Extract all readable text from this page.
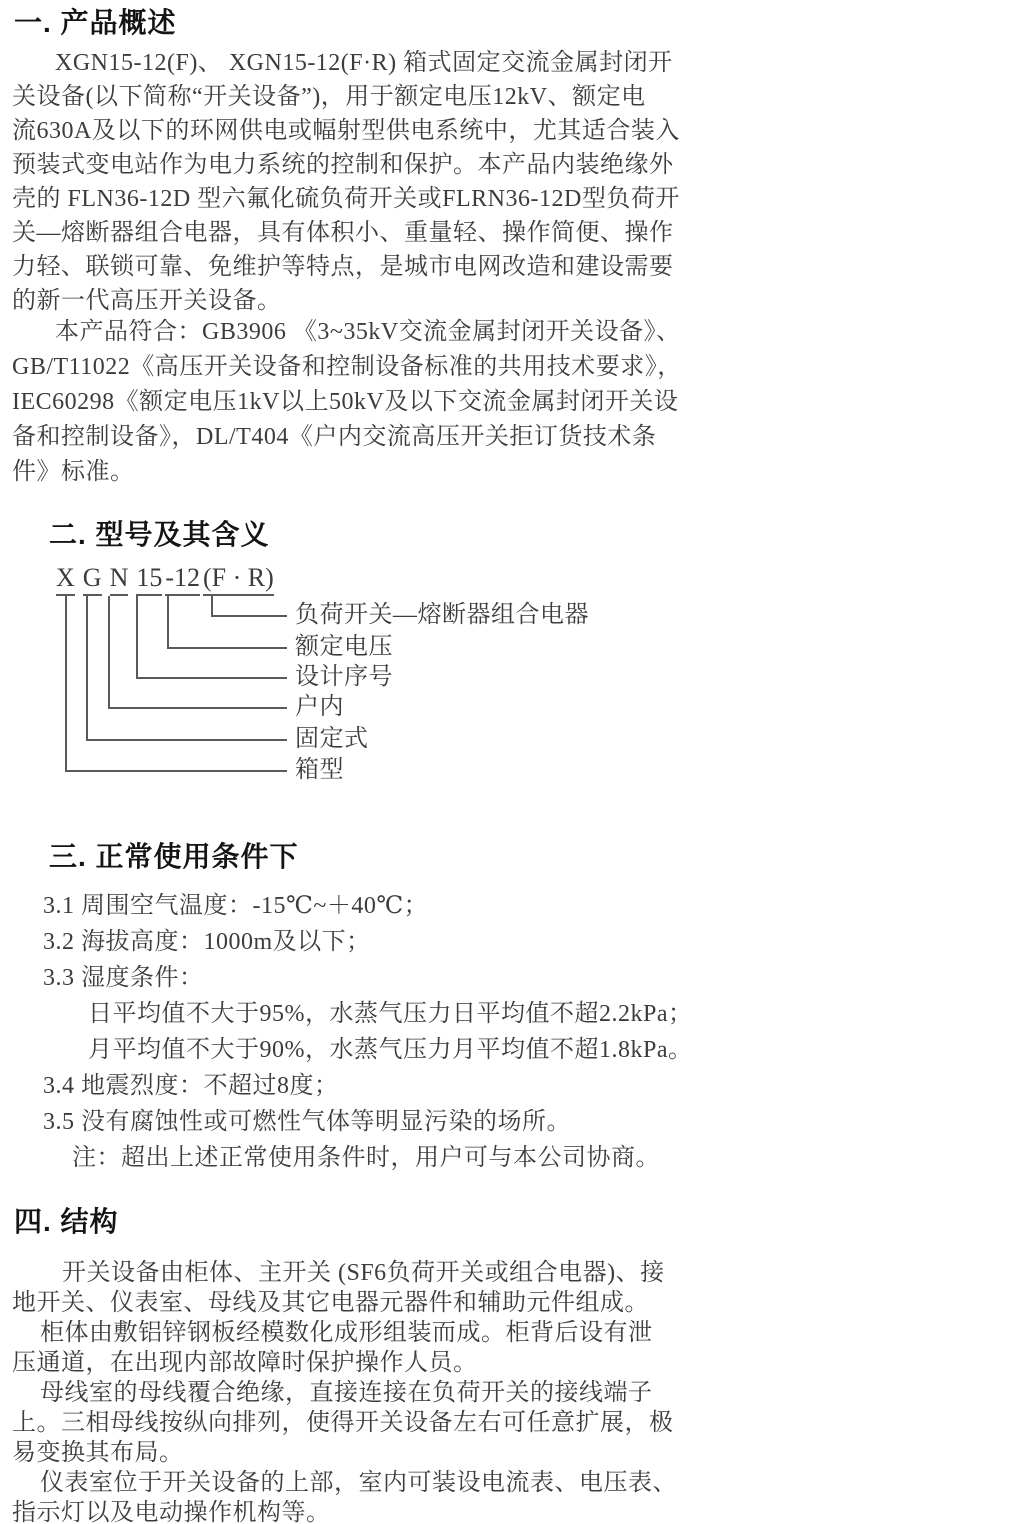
一. 产品概述
XGN15-12(F)、 XGN15-12(F·R) 箱式固定交流金属封闭开
关设备(以下简称“开关设备”)，用于额定电压12kV、额定电
流630A及以下的环网供电或幅射型供电系统中，尤其适合装入
预装式变电站作为电力系统的控制和保护。本产品内装绝缘外
壳的 FLN36-12D 型六氟化硫负荷开关或FLRN36-12D型负荷开
关—熔断器组合电器，具有体积小、重量轻、操作简便、操作
力轻、联锁可靠、免维护等特点，是城市电网改造和建设需要
的新一代高压开关设备。
本产品符合：GB3906 《3~35kV交流金属封闭开关设备》、
GB/T11022《高压开关设备和控制设备标准的共用技术要求》，
IEC60298《额定电压1kV以上50kV及以下交流金属封闭开关设
备和控制设备》，DL/T404《户内交流高压开关拒订货技术条
件》标准。
二. 型号及其含义
X G N 15 -12 (F · R)
负荷开关—熔断器组合电器
额定电压
设计序号
户内
固定式
箱型
三. 正常使用条件下
3.1 周围空气温度：-15℃~＋40℃；
3.2 海拔高度：1000m及以下；
3.3 湿度条件：
日平均值不大于95%，水蒸气压力日平均值不超2.2kPa；
月平均值不大于90%，水蒸气压力月平均值不超1.8kPa。
3.4 地震烈度：不超过8度；
3.5 没有腐蚀性或可燃性气体等明显污染的场所。
注：超出上述正常使用条件时，用户可与本公司协商。
四. 结构
开关设备由柜体、主开关 (SF6负荷开关或组合电器)、接
地开关、仪表室、母线及其它电器元器件和辅助元件组成。
柜体由敷铝锌钢板经模数化成形组装而成。柜背后设有泄
压通道，在出现内部故障时保护操作人员。
母线室的母线覆合绝缘，直接连接在负荷开关的接线端子
上。三相母线按纵向排列，使得开关设备左右可任意扩展，极
易变换其布局。
仪表室位于开关设备的上部，室内可装设电流表、电压表、
指示灯以及电动操作机构等。
